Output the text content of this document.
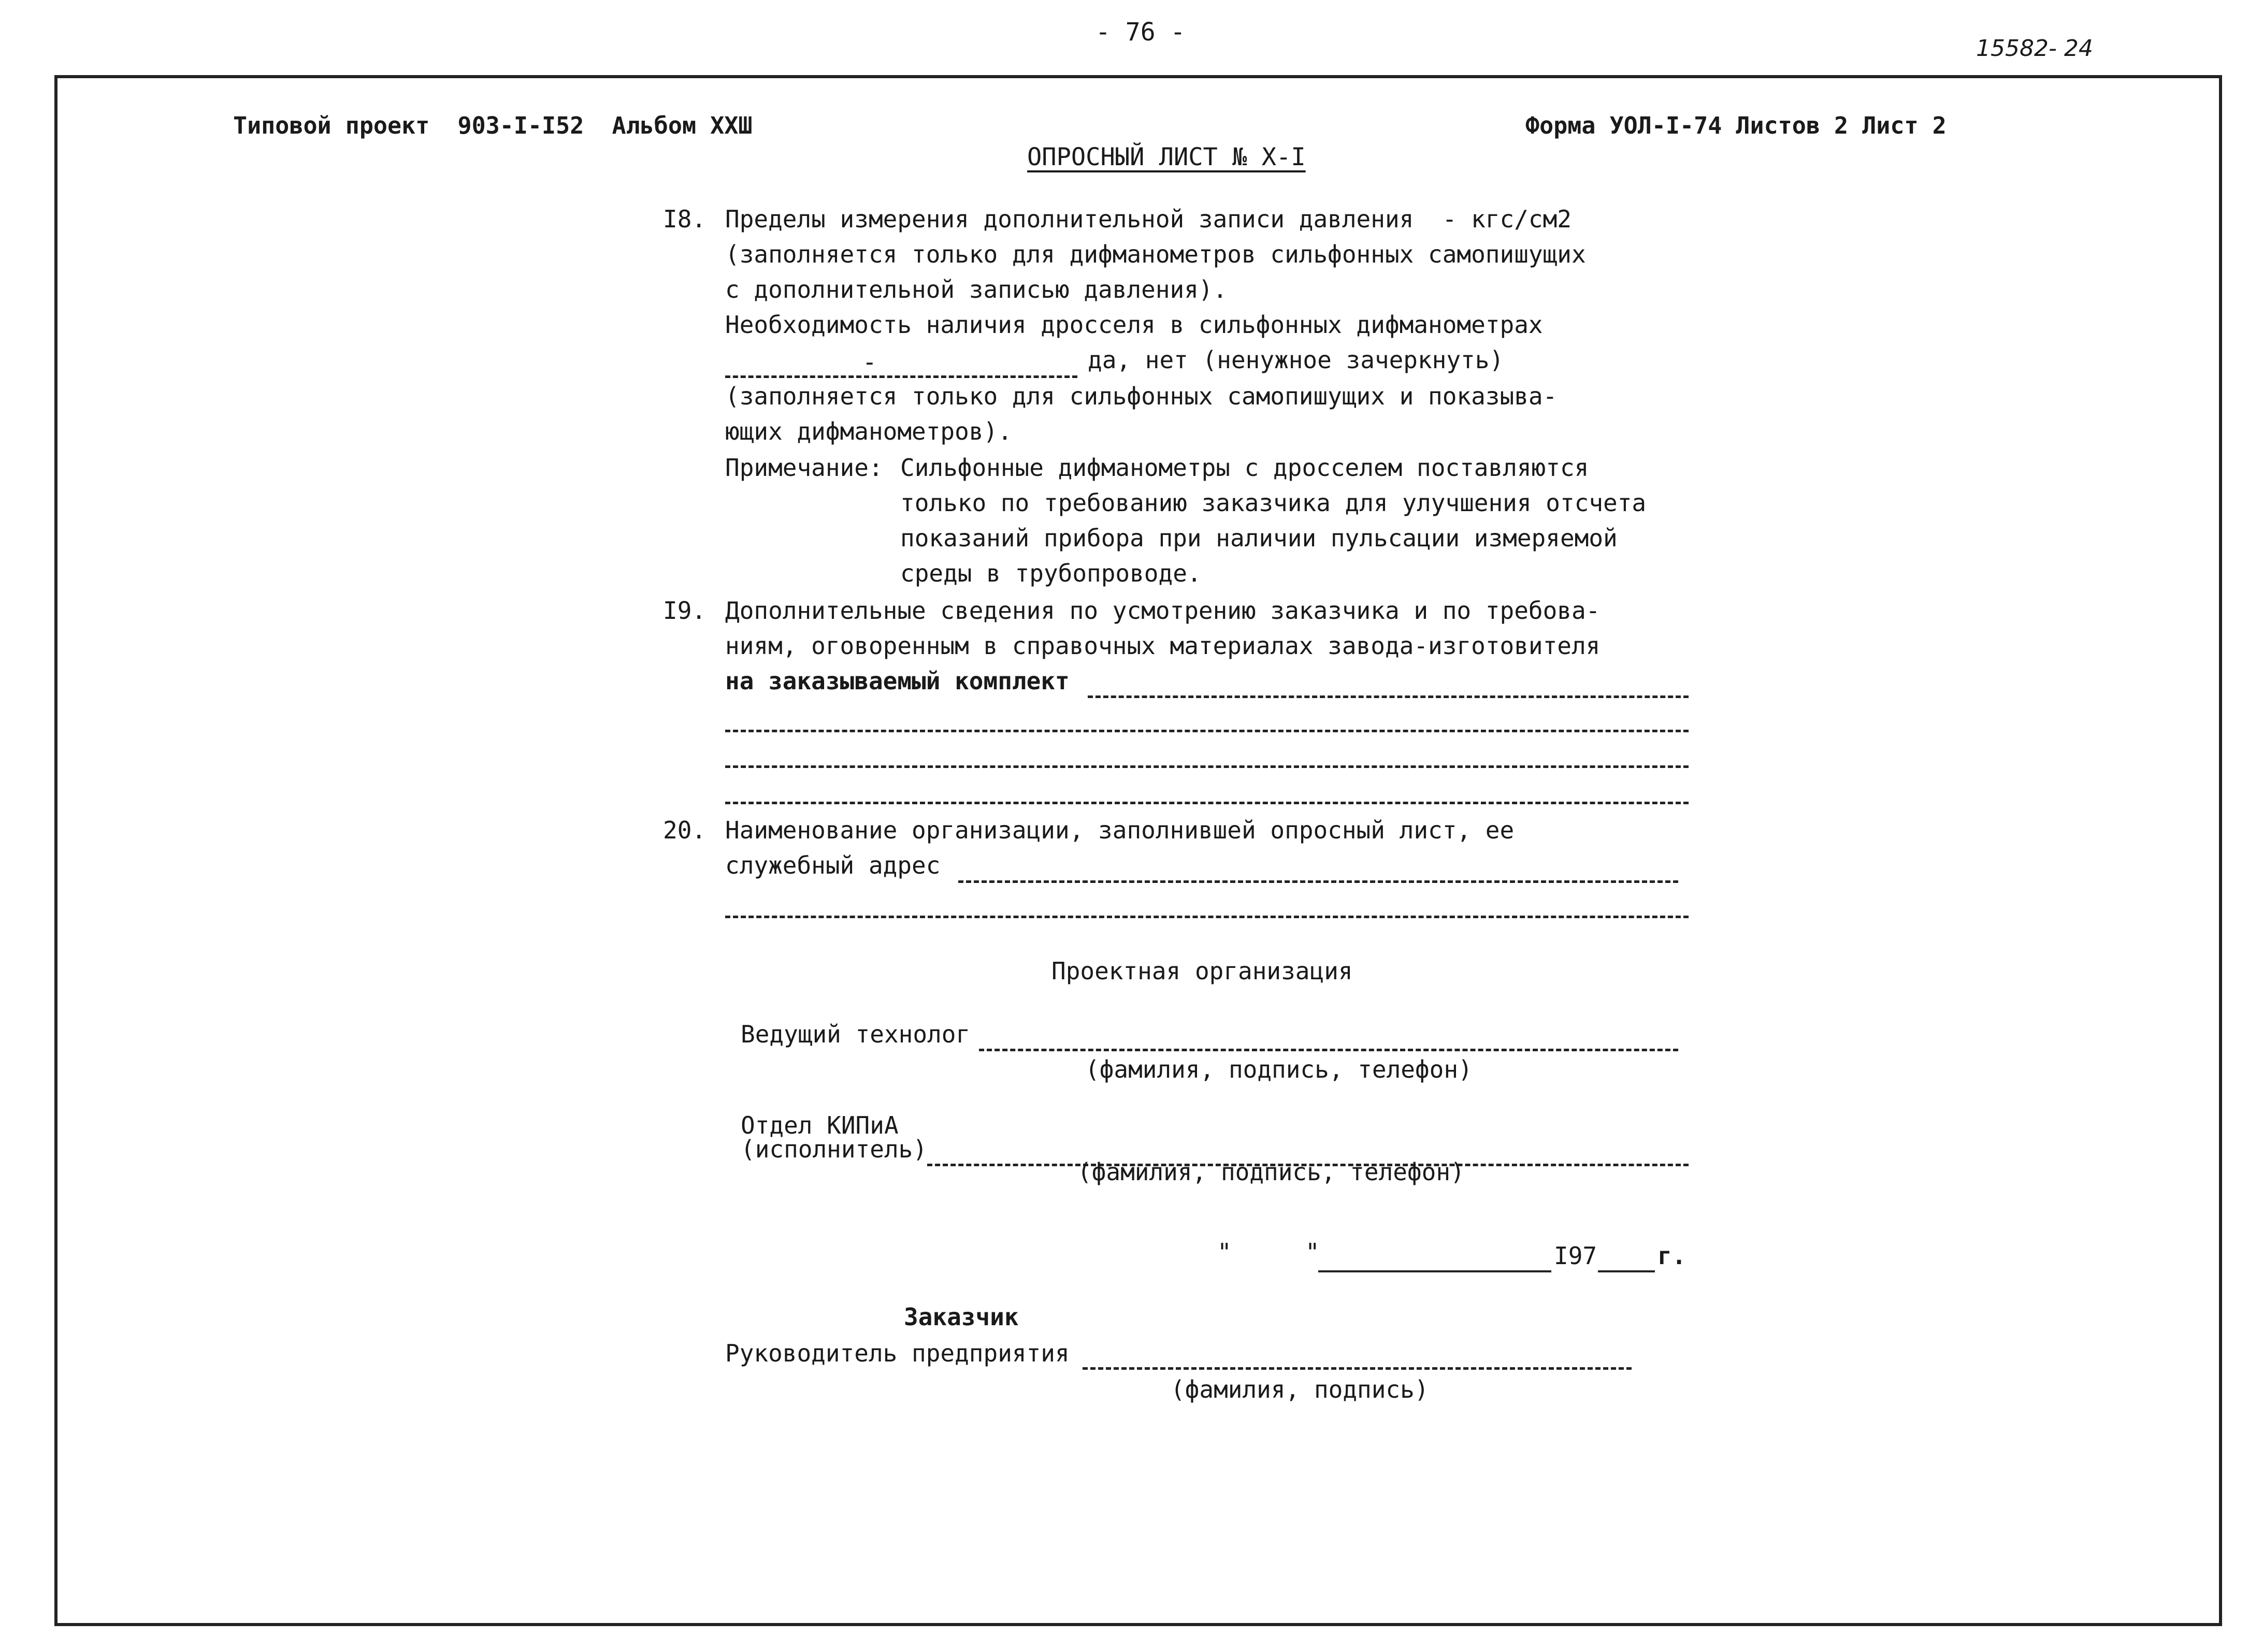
- 76 -
15582- 24
Типовой проект  903-I-I52  Альбом XXШ	Форма УОЛ-I-74 Листов 2 Лист 2
ОПРОСНЫЙ ЛИСТ № X-I
I8. Пределы измерения дополнительной записи давления  - кгс/см2
(заполняется только для дифманометров сильфонных самопишущих
с дополнительной записью давления).
Необходимость наличия дросселя в сильфонных дифманометрах
-	да, нет (ненужное зачеркнуть)
(заполняется только для сильфонных самопишущих и показыва-
ющих дифманометров).
Примечание: Сильфонные дифманометры с дросселем поставляются
только по требованию заказчика для улучшения отсчета
показаний прибора при наличии пульсации измеряемой
среды в трубопроводе.
I9. Дополнительные сведения по усмотрению заказчика и по требова-
ниям, оговоренным в справочных материалах завода-изготовителя
на заказываемый комплект
20. Наименование организации, заполнившей опросный лист, ее
служебный адрес
Проектная организация
Ведущий технолог
(фамилия, подпись, телефон)
Отдел КИПиА
(исполнитель)
(фамилия, подпись, телефон)
"	"	I97	г.
Заказчик
Руководитель предприятия
(фамилия, подпись)
